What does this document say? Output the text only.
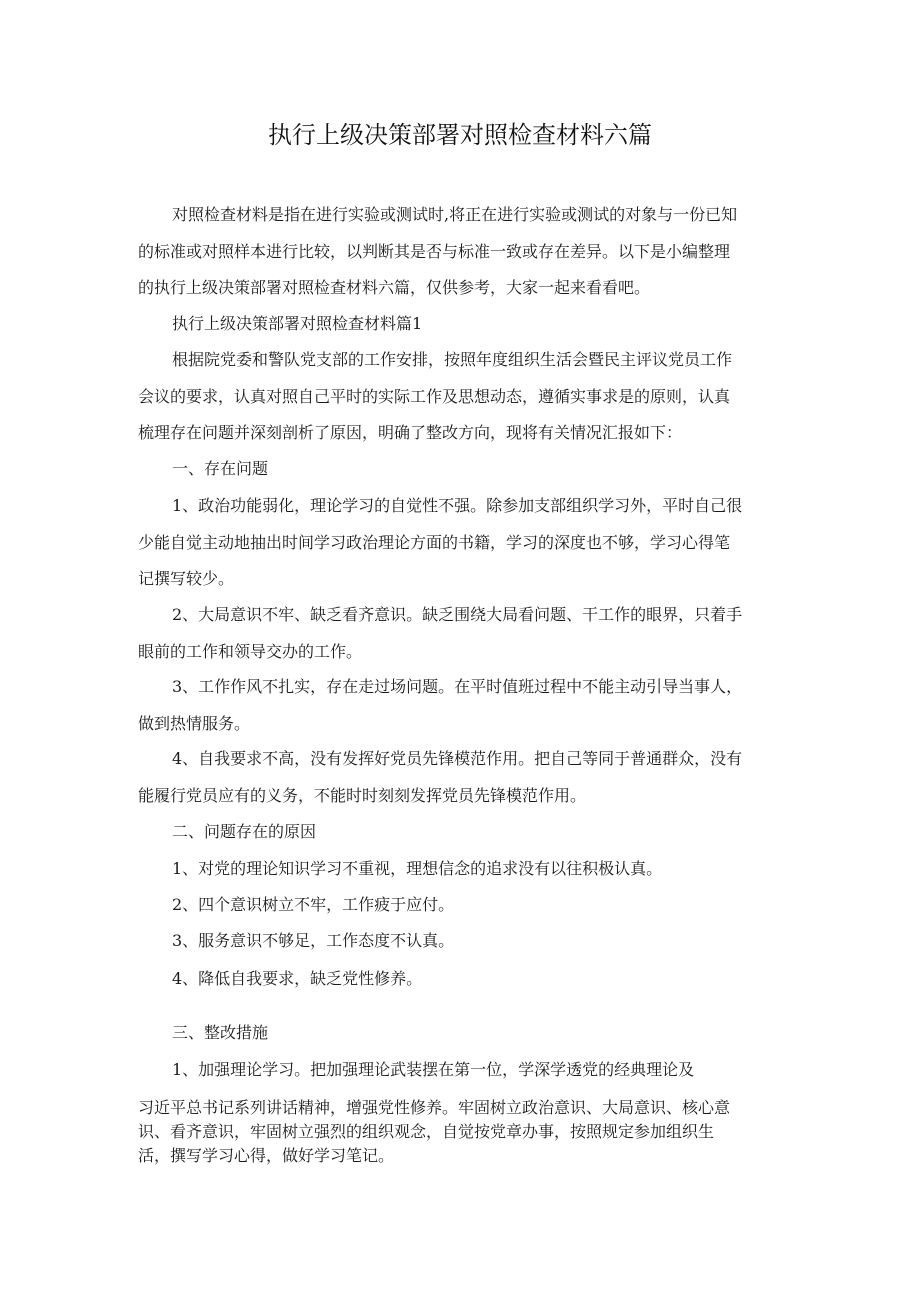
执行上级决策部署对照检查材料六篇
对照检查材料是指在进行实验或测试时,将正在进行实验或测试的对象与一份已知
的标准或对照样本进行比较，以判断其是否与标准一致或存在差异。以下是小编整理
的执行上级决策部署对照检查材料六篇，仅供参考，大家一起来看看吧。
执行上级决策部署对照检查材料篇1
根据院党委和警队党支部的工作安排，按照年度组织生活会暨民主评议党员工作
会议的要求，认真对照自己平时的实际工作及思想动态，遵循实事求是的原则，认真
梳理存在问题并深刻剖析了原因，明确了整改方向，现将有关情况汇报如下：
一、存在问题
1、政治功能弱化，理论学习的自觉性不强。除参加支部组织学习外，平时自己很
少能自觉主动地抽出时间学习政治理论方面的书籍，学习的深度也不够，学习心得笔
记撰写较少。
2、大局意识不牢、缺乏看齐意识。缺乏围绕大局看问题、干工作的眼界，只着手
眼前的工作和领导交办的工作。
3、工作作风不扎实，存在走过场问题。在平时值班过程中不能主动引导当事人，
做到热情服务。
4、自我要求不高，没有发挥好党员先锋模范作用。把自己等同于普通群众，没有
能履行党员应有的义务，不能时时刻刻发挥党员先锋模范作用。
二、问题存在的原因
1、对党的理论知识学习不重视，理想信念的追求没有以往积极认真。
2、四个意识树立不牢，工作疲于应付。
3、服务意识不够足，工作态度不认真。
4、降低自我要求，缺乏党性修养。
三、整改措施
1、加强理论学习。把加强理论武装摆在第一位，学深学透党的经典理论及
习近平总书记系列讲话精神，增强党性修养。牢固树立政治意识、大局意识、核心意
识、看齐意识，牢固树立强烈的组织观念，自觉按党章办事，按照规定参加组织生
活，撰写学习心得，做好学习笔记。
